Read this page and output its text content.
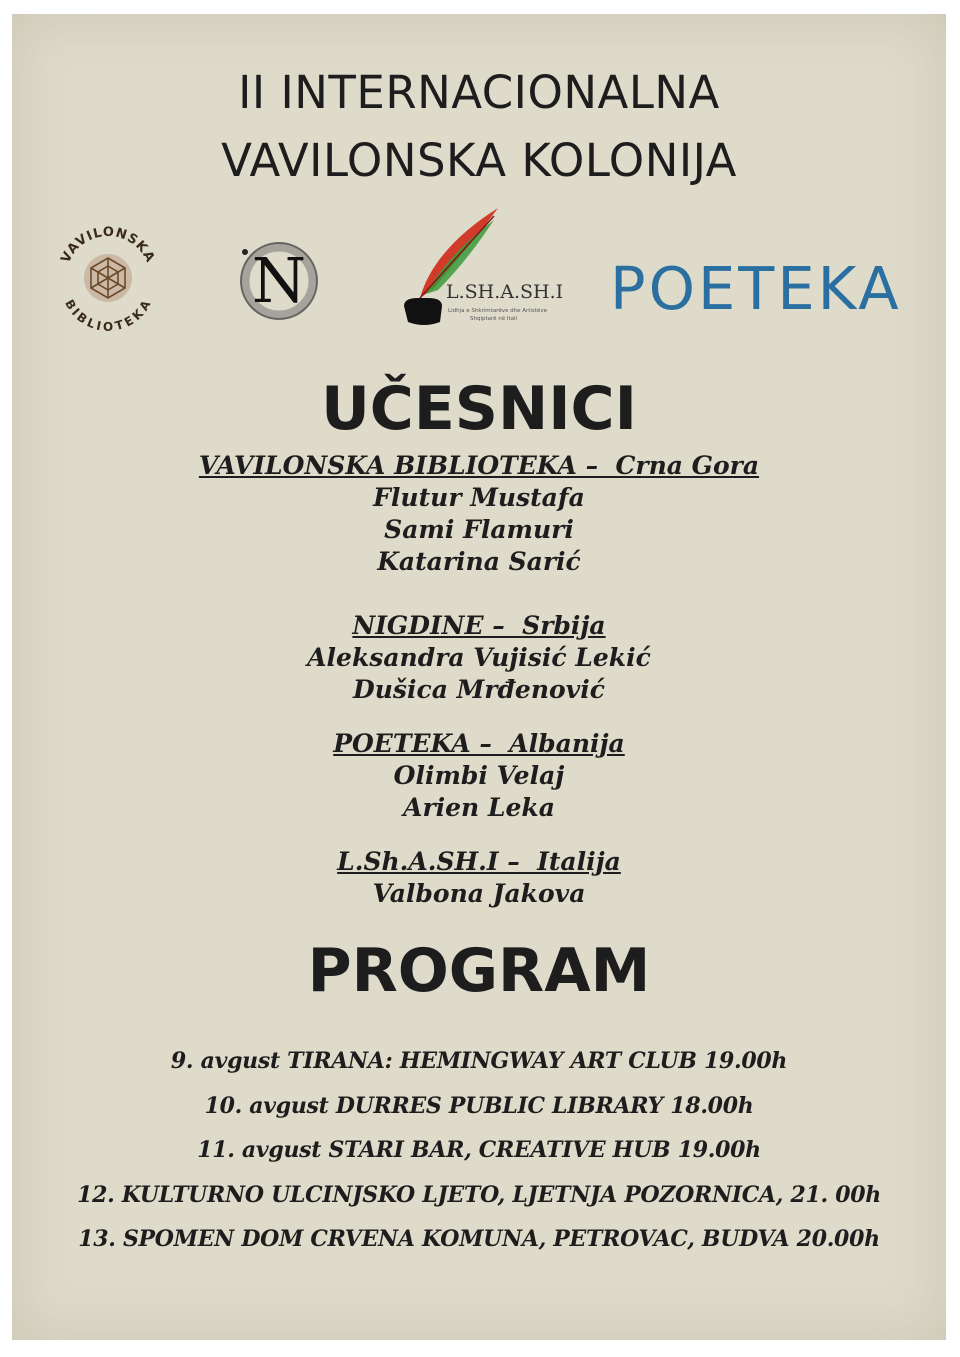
II INTERNACIONALNA
VAVILONSKA KOLONIJA
VAVILONSKA
BIBLIOTEKA N	L.SH.A.SH.I
Lidhja e Shkrimtarëve dhe Artistëve
Shqiptarë në Itali POETEKA
UČESNICI
VAVILONSKA BIBLIOTEKA –  Crna Gora
Flutur Mustafa
Sami Flamuri
Katarina Sarić
NIGDINE –  Srbija
Aleksandra Vujisić Lekić
Dušica Mrđenović
POETEKA –  Albanija
Olimbi Velaj
Arien Leka
L.Sh.A.SH.I –  Italija
Valbona Jakova
PROGRAM
9. avgust TIRANA: HEMINGWAY ART CLUB 19.00h
10. avgust DURRES PUBLIC LIBRARY 18.00h
11. avgust STARI BAR, CREATIVE HUB 19.00h
12. KULTURNO ULCINJSKO LJETO, LJETNJA POZORNICA, 21. 00h
13. SPOMEN DOM CRVENA KOMUNA, PETROVAC, BUDVA 20.00h
